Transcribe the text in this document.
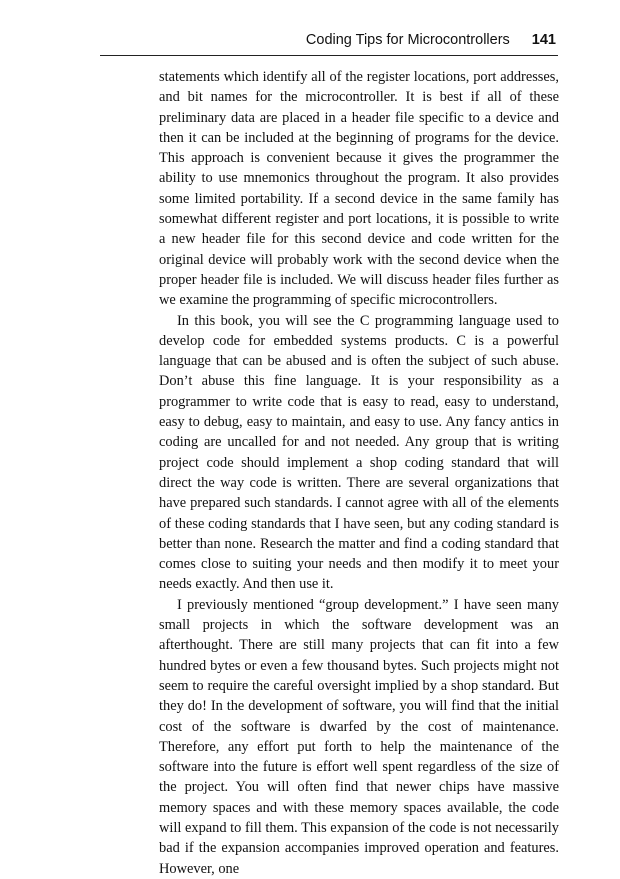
Coding Tips for Microcontrollers 141

statements which identify all of the register locations, port addresses, and bit names for the microcontroller. It is best if all of these preliminary data are placed in a header file specific to a device and then it can be included at the beginning of programs for the device. This approach is convenient because it gives the programmer the ability to use mnemonics throughout the program. It also provides some limited portability. If a second device in the same family has somewhat different register and port locations, it is possible to write a new header file for this second device and code written for the original device will probably work with the second device when the proper header file is included. We will discuss header files further as we examine the programming of specific microcontrollers.

In this book, you will see the C programming language used to develop code for embedded systems products. C is a powerful language that can be abused and is often the subject of such abuse. Don’t abuse this fine language. It is your responsibility as a programmer to write code that is easy to read, easy to understand, easy to debug, easy to maintain, and easy to use. Any fancy antics in coding are uncalled for and not needed. Any group that is writing project code should implement a shop coding standard that will direct the way code is written. There are several organizations that have prepared such standards. I cannot agree with all of the elements of these coding standards that I have seen, but any coding standard is better than none. Research the matter and find a coding standard that comes close to suiting your needs and then modify it to meet your needs exactly. And then use it.

I previously mentioned “group development.” I have seen many small projects in which the software development was an afterthought. There are still many projects that can fit into a few hundred bytes or even a few thousand bytes. Such projects might not seem to require the careful oversight implied by a shop standard. But they do! In the development of software, you will find that the initial cost of the software is dwarfed by the cost of maintenance. Therefore, any effort put forth to help the maintenance of the software into the future is effort well spent regardless of the size of the project. You will often find that newer chips have massive memory spaces and with these memory spaces available, the code will expand to fill them. This expansion of the code is not necessarily bad if the expansion accompanies improved operation and features. However, one
